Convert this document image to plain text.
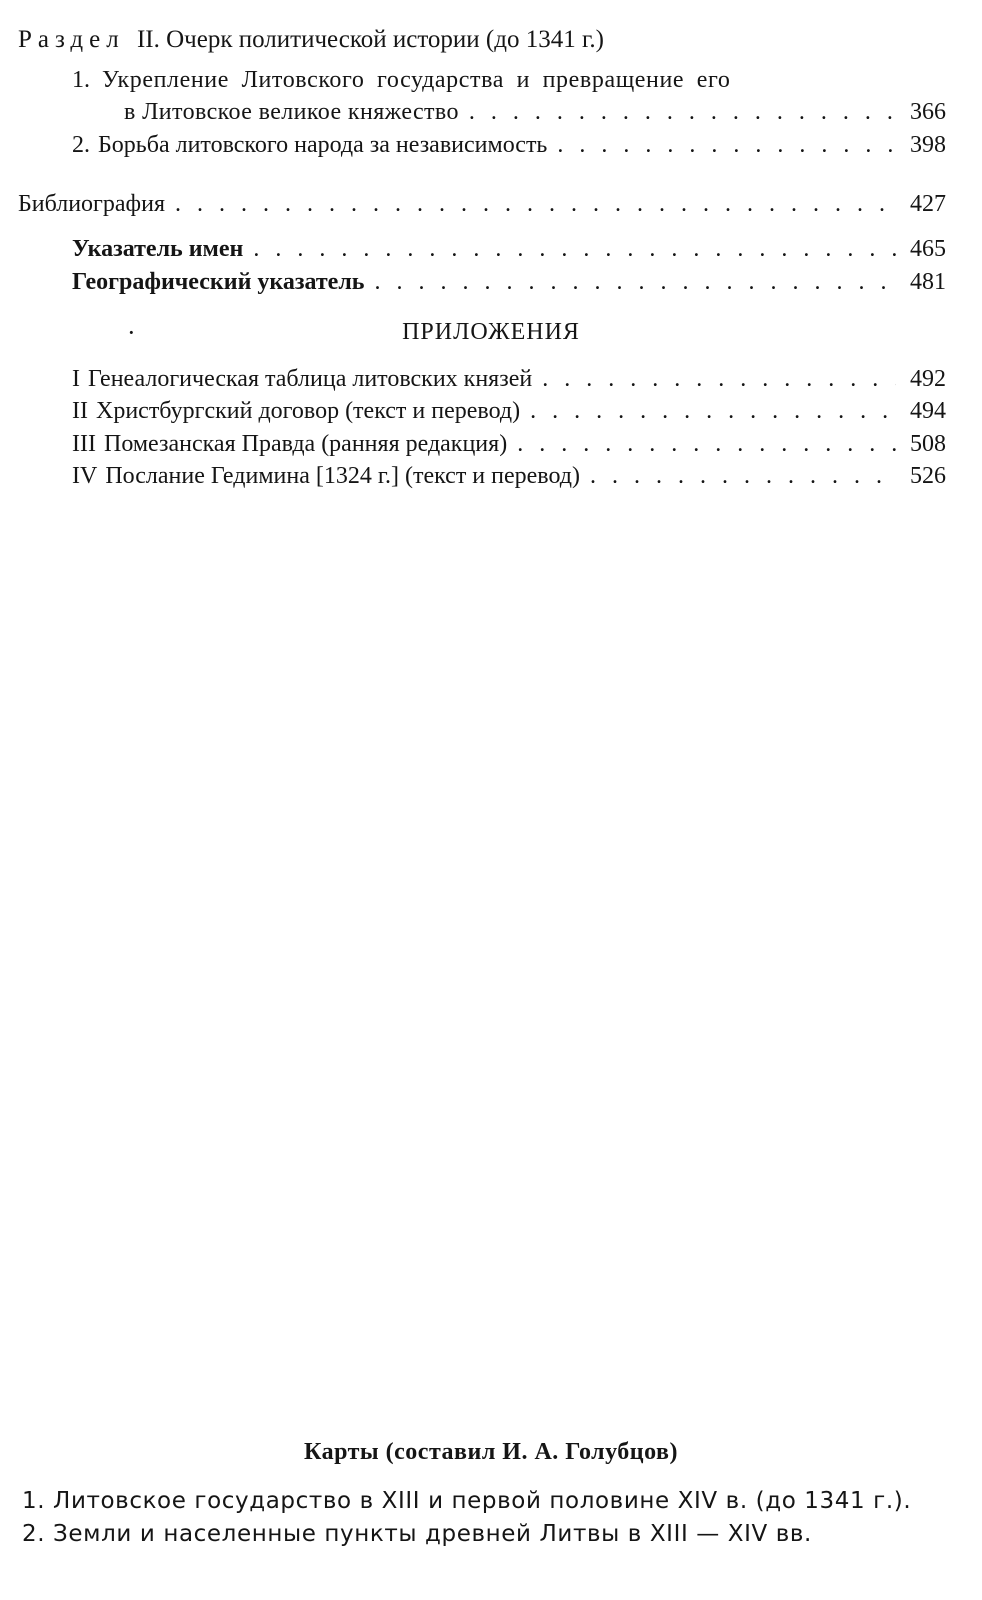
Раздел II. Очерк политической истории (до 1341 г.)
1. Укрепление Литовского государства и превращение его
в Литовское великое княжество . . .	366
2. Борьба литовского народа за независимость . . .	398
Библиография . . .	427
Указатель имен . . .	465
Географический указатель . . .	481
·	ПРИЛОЖЕНИЯ
I Генеалогическая таблица литовских князей . . .	492
II Христбургский договор (текст и перевод) . . .	494
III Помезанская Правда (ранняя редакция) . . .	508
IV Послание Гедимина [1324 г.] (текст и перевод) . . .	526
Карты (составил И. А. Голубцов)
1. Литовское государство в XIII и первой половине XIV в. (до 1341 г.).
2. Земли и населенные пункты древней Литвы в XIII — XIV вв.
